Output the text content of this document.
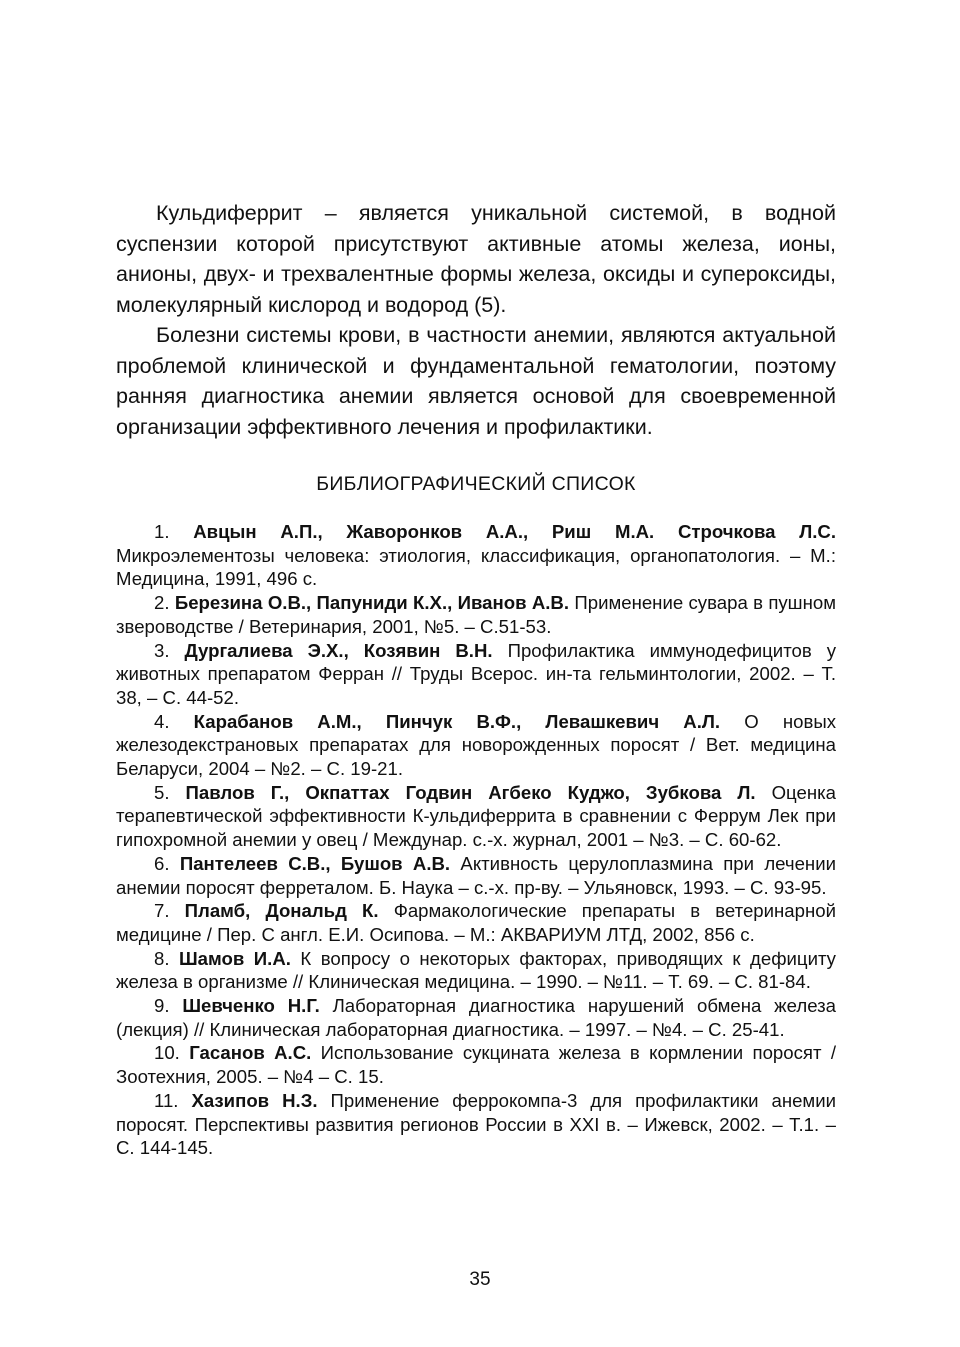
Кульдиферрит – является уникальной системой, в водной суспензии которой присутствуют активные атомы железа, ионы, анионы, двух- и трехвалентные формы железа, оксиды и супероксиды, молекулярный кислород и водород (5).

Болезни системы крови, в частности анемии, являются актуальной проблемой клинической и фундаментальной гематологии, поэтому ранняя диагностика анемии является основой для своевременной организации эффективного лечения и профилактики.

БИБЛИОГРАФИЧЕСКИЙ СПИСОК
1. Авцын А.П., Жаворонков А.А., Риш М.А. Строчкова Л.С. Микроэлементозы человека: этиология, классификация, органопатология. – М.: Медицина, 1991, 496 с.
2. Березина О.В., Папуниди К.Х., Иванов А.В. Применение сувара в пушном звероводстве / Ветеринария, 2001, №5. – С.51-53.
3. Дургалиева Э.Х., Козявин В.Н. Профилактика иммунодефицитов у животных препаратом Ферран // Труды Всерос. ин-та гельминтологии, 2002. – Т. 38, – С. 44-52.
4. Карабанов А.М., Пинчук В.Ф., Левашкевич А.Л. О новых железодекстрановых препаратах для новорожденных поросят / Вет. медицина Беларуси, 2004 – №2. – С. 19-21.
5. Павлов Г., Окпаттах Годвин Агбеко Куджо, Зубкова Л. Оценка терапевтической эффективности К-ульдиферрита в сравнении с Феррум Лек при гипохромной анемии у овец / Междунар. с.-х. журнал, 2001 – №3. – С. 60-62.
6. Пантелеев С.В., Бушов А.В. Активность церулоплазмина при лечении анемии поросят ферреталом. Б. Наука – с.-х. пр-ву. – Ульяновск, 1993. – С. 93-95.
7. Пламб, Дональд К. Фармакологические препараты в ветеринарной медицине / Пер. С англ. Е.И. Осипова. – М.: АКВАРИУМ ЛТД, 2002, 856 с.
8. Шамов И.А. К вопросу о некоторых факторах, приводящих к дефициту железа в организме // Клиническая медицина. – 1990. – №11. – Т. 69. – С. 81-84.
9. Шевченко Н.Г. Лабораторная диагностика нарушений обмена железа (лекция) // Клиническая лабораторная диагностика. – 1997. – №4. – С. 25-41.
10. Гасанов А.С. Использование сукцината железа в кормлении поросят / Зоотехния, 2005. – №4 – С. 15.
11. Хазипов Н.З. Применение феррокомпа-3 для профилактики анемии поросят. Перспективы развития регионов России в XXI в. – Ижевск, 2002. – Т.1. – С. 144-145.
35
